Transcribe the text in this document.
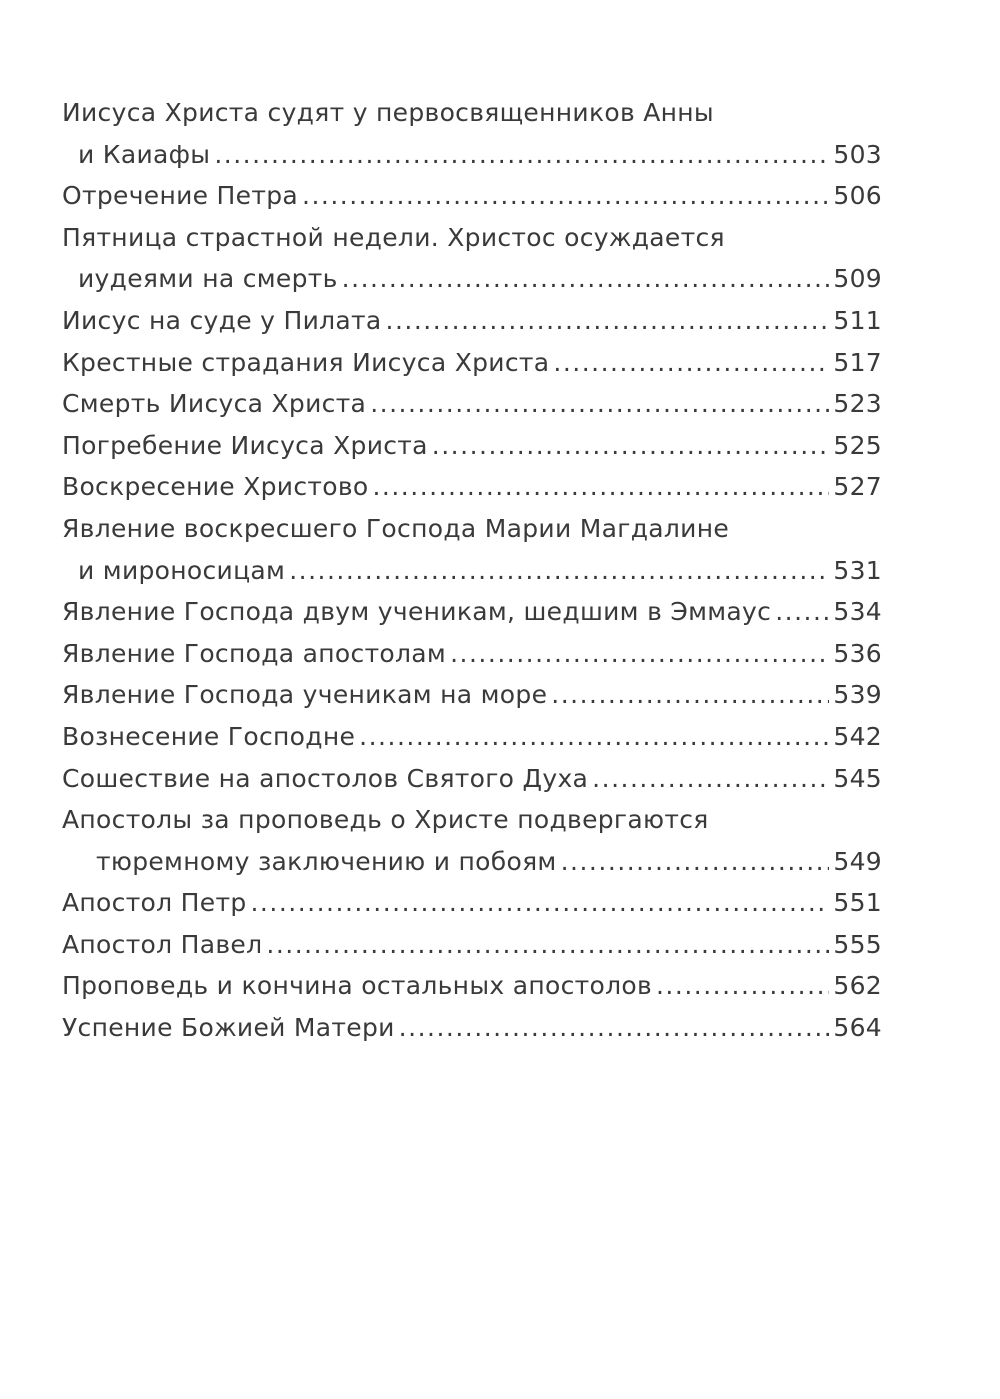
Иисуса Христа судят у первосвященников Анны
и Каиафы .....	503
Отречение Петра .....	506
Пятница страстной недели. Христос осуждается
иудеями на смерть .....	509
Иисус на суде у Пилата .....	511
Крестные страдания Иисуса Христа .....	517
Смерть Иисуса Христа .....	523
Погребение Иисуса Христа .....	525
Воскресение Христово .....	527
Явление воскресшего Господа Марии Магдалине
и мироносицам .....	531
Явление Господа двум ученикам, шедшим в Эммаус ..... 534
Явление Господа апостолам .....	536
Явление Господа ученикам на море .....	539
Вознесение Господне .....	542
Сошествие на апостолов Святого Духа .....	545
Апостолы за проповедь о Христе подвергаются
тюремному заключению и побоям .....	549
Апостол Петр .....	551
Апостол Павел .....	555
Проповедь и кончина остальных апостолов .....	562
Успение Божией Матери .....	564
